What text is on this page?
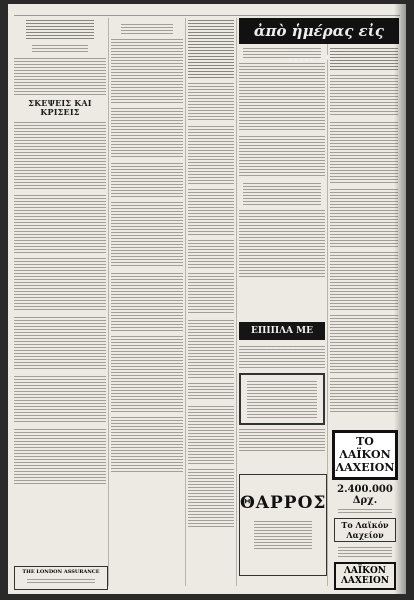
ΣΚΕΨΕΙΣ ΚΑΙ ΚΡΙΣΕΙΣ
ἀπὸ ἡμέρας εἰς
ΕΠΙΠΛΑ ΜΕ
ΘΑΡΡΟΣ
ΤΟ ΛΑΪΚΟΝ ΛΑΧΕΙΟΝ
2.400.000 Δρχ.
Το Λαϊκόν Λαχείον
ΛΑΪΚΟΝ ΛΑΧΕΙΟΝ
THE LONDON ASSURANCE
